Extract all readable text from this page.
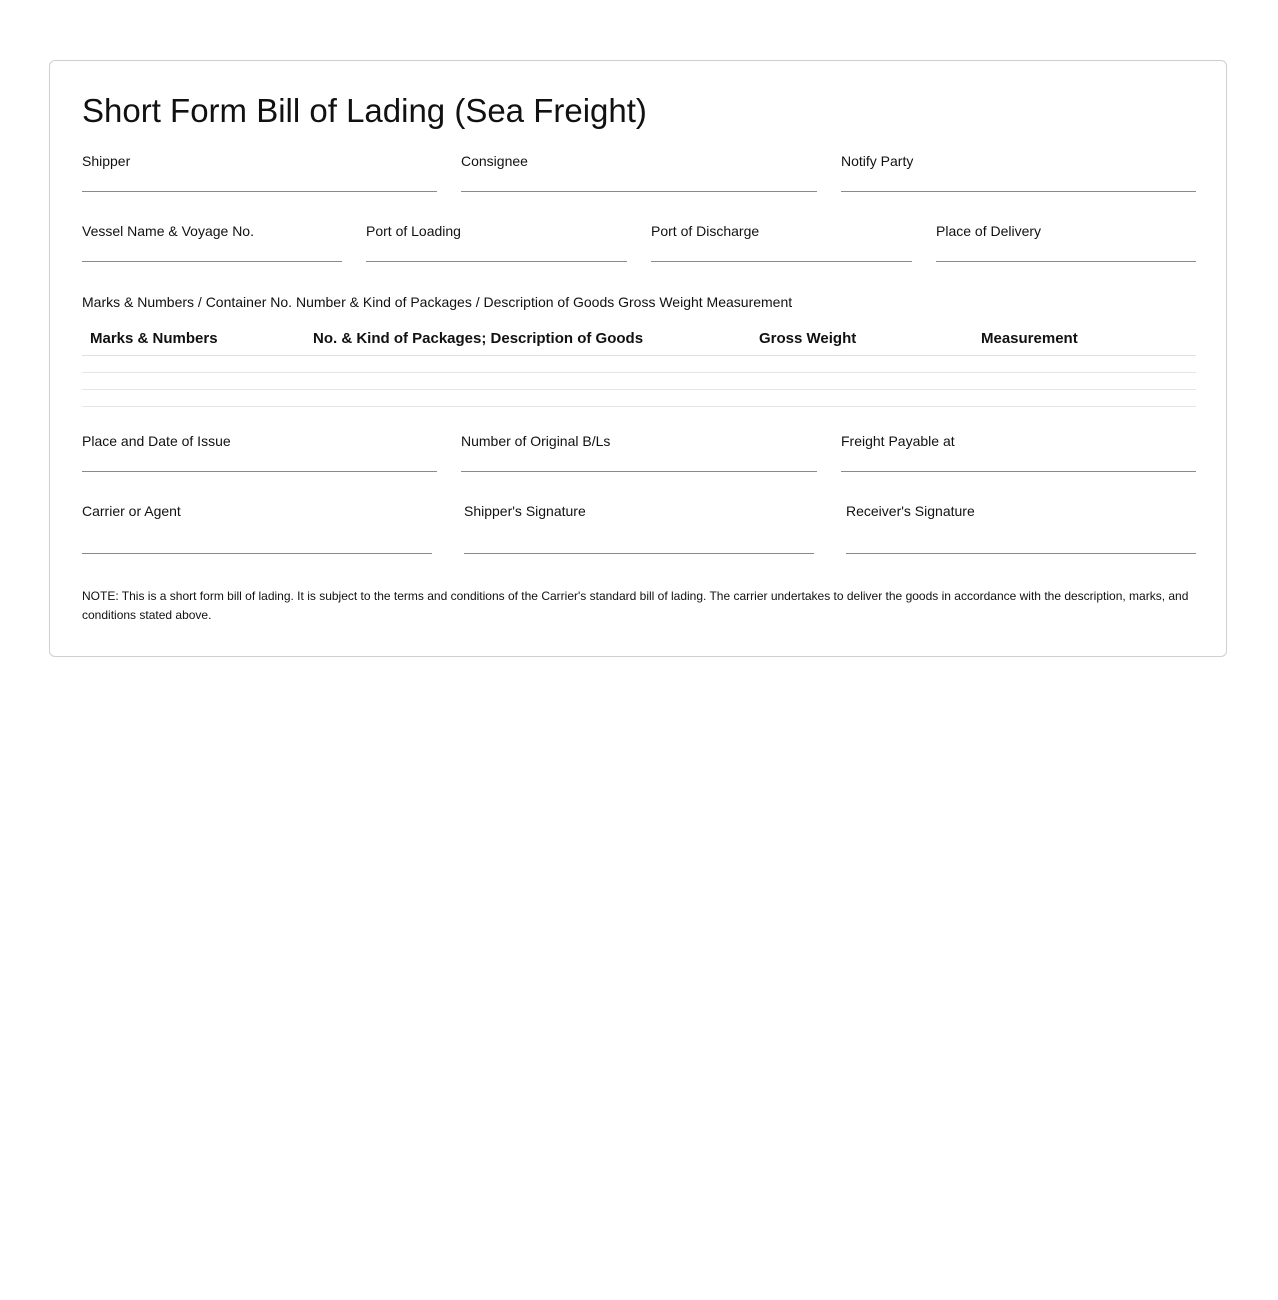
Short Form Bill of Lading (Sea Freight)
Shipper	Consignee	Notify Party
Vessel Name & Voyage No.	Port of Loading	Port of Discharge	Place of Delivery
Marks & Numbers / Container No. Number & Kind of Packages / Description of Goods Gross Weight Measurement
Marks & Numbers	No. & Kind of Packages; Description of Goods	Gross Weight	Measurement
Place and Date of Issue	Number of Original B/Ls	Freight Payable at
Carrier or Agent	Shipper's Signature	Receiver's Signature
NOTE: This is a short form bill of lading. It is subject to the terms and conditions of the Carrier's standard bill of lading. The carrier undertakes to deliver the goods in accordance with the description, marks, and conditions stated above.
